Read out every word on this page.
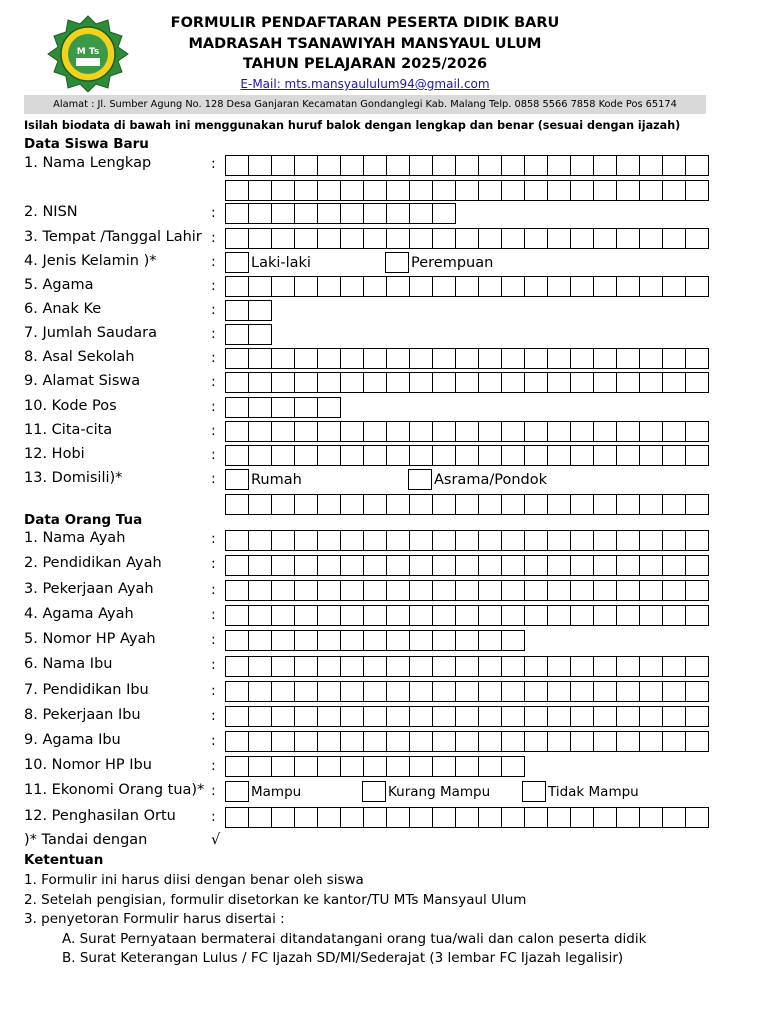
M Ts
FORMULIR PENDAFTARAN PESERTA DIDIK BARU
MADRASAH TSANAWIYAH MANSYAUL ULUM
TAHUN PELAJARAN 2025/2026
E-Mail: mts.mansyaululum94@gmail.com
Alamat : Jl. Sumber Agung No. 128 Desa Ganjaran Kecamatan Gondanglegi Kab. Malang Telp. 0858 5566 7858 Kode Pos 65174
Isilah biodata di bawah ini menggunakan huruf balok dengan lengkap dan benar (sesuai dengan ijazah)
Data Siswa Baru
1. Nama Lengkap	:
2. NISN	:
3. Tempat /Tanggal Lahir :
4. Jenis Kelamin )*	: Laki-laki	Perempuan
5. Agama	:
6. Anak Ke	:
7. Jumlah Saudara	:
8. Asal Sekolah	:
9. Alamat Siswa	:
10. Kode Pos	:
11. Cita-cita	:
12. Hobi	:
13. Domisili)*	: Rumah	Asrama/Pondok
Data Orang Tua
1. Nama Ayah	:
2. Pendidikan Ayah	:
3. Pekerjaan Ayah	:
4. Agama Ayah	:
5. Nomor HP Ayah	:
6. Nama Ibu	:
7. Pendidikan Ibu	:
8. Pekerjaan Ibu	:
9. Agama Ibu	:
10. Nomor HP Ibu	:
11. Ekonomi Orang tua)* :	Mampu	Kurang Mampu	Tidak Mampu
12. Penghasilan Ortu	:
)* Tandai dengan	√
Ketentuan
1. Formulir ini harus diisi dengan benar oleh siswa
2. Setelah pengisian, formulir disetorkan ke kantor/TU MTs Mansyaul Ulum
3. penyetoran Formulir harus disertai :
A. Surat Pernyataan bermaterai ditandatangani orang tua/wali dan calon peserta didik
B. Surat Keterangan Lulus / FC Ijazah SD/MI/Sederajat (3 lembar FC Ijazah legalisir)
